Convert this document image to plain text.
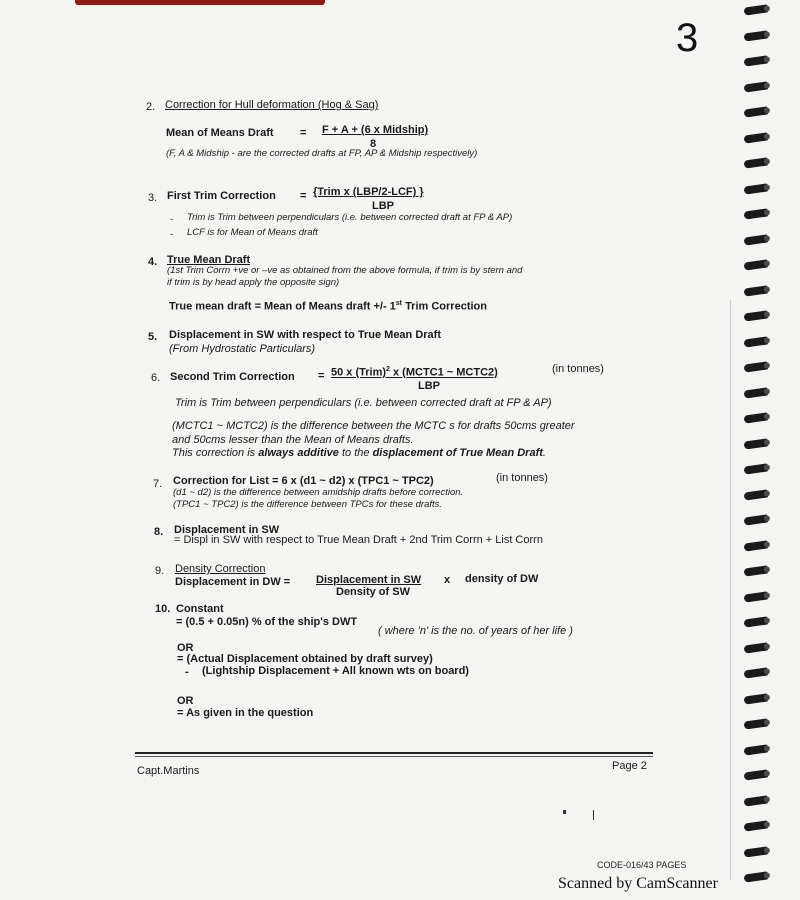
3
2. Correction for Hull deformation (Hog & Sag)
Mean of Means Draft = F + A + (6 x Midship)
8
(F, A & Midship - are the corrected drafts at FP, AP & Midship respectively)
3. First Trim Correction = {Trim x (LBP/2-LCF) }
LBP
- Trim is Trim between perpendiculars (i.e. between corrected draft at FP & AP)
- LCF is for Mean of Means draft
4. True Mean Draft
(1st Trim Corrn +ve or –ve as obtained from the above formula, if trim is by stern and
if trim is by head apply the opposite sign)
True mean draft = Mean of Means draft +/- 1st Trim Correction
5. Displacement in SW with respect to True Mean Draft
(From Hydrostatic Particulars)
6. Second Trim Correction = 50 x (Trim)$^2$ x (MCTC1 ~ MCTC2)	(in tonnes)
LBP
Trim is Trim between perpendiculars (i.e. between corrected draft at FP & AP)
(MCTC1 ~ MCTC2) is the difference between the MCTC s for drafts 50cms greater
and 50cms lesser than the Mean of Means drafts.
This correction is always additive to the displacement of True Mean Draft.
7. Correction for List = 6 x (d1 ~ d2) x (TPC1 ~ TPC2)	(in tonnes)
(d1 ~ d2) is the difference between amidship drafts before correction.
(TPC1 ~ TPC2) is the difference between TPCs for these drafts.
8. Displacement in SW
= Displ in SW with respect to True Mean Draft + 2nd Trim Corrn + List Corrn
9. Density Correction
Displacement in DW = Displacement in SW x density of DW
Density of SW
10. Constant
= (0.5 + 0.05n) % of the ship's DWT
( where 'n' is the no. of years of her life )
OR
= (Actual Displacement obtained by draft survey)
- (Lightship Displacement + All known wts on board)
OR
= As given in the question
Capt.Martins	Page 2
CODE-016/43 PAGES
Scanned by CamScanner
